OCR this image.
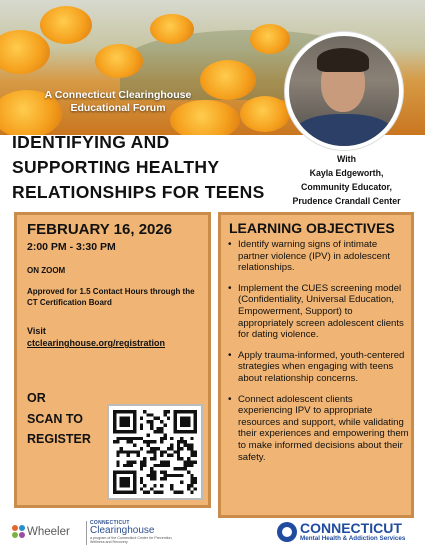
A Connecticut Clearinghouse Educational Forum
IDENTIFYING AND
SUPPORTING HEALTHY
RELATIONSHIPS FOR TEENS
With
Kayla Edgeworth,
Community Educator,
Prudence Crandall Center
FEBRUARY 16, 2026
2:00 PM - 3:30 PM
ON ZOOM
Approved for 1.5 Contact Hours through the CT Certification Board
Visit
ctclearinghouse.org/registration
OR
SCAN TO
REGISTER
LEARNING OBJECTIVES
• Identify warning signs of intimate partner violence (IPV) in adolescent relationships.
• Implement the CUES screening model (Confidentiality, Universal Education, Empowerment, Support) to appropriately screen adolescent clients for dating violence.
• Apply trauma-informed, youth-centered strategies when engaging with teens about relationship concerns.
• Connect adolescent clients experiencing IPV to appropriate resources and support, while validating their experiences and empowering them to make informed decisions about their safety.
Wheeler
CONNECTICUT
Clearinghouse
a program of the Connecticut Center for Prevention, Wellness and Recovery
CONNECTICUT
Mental Health & Addiction Services
